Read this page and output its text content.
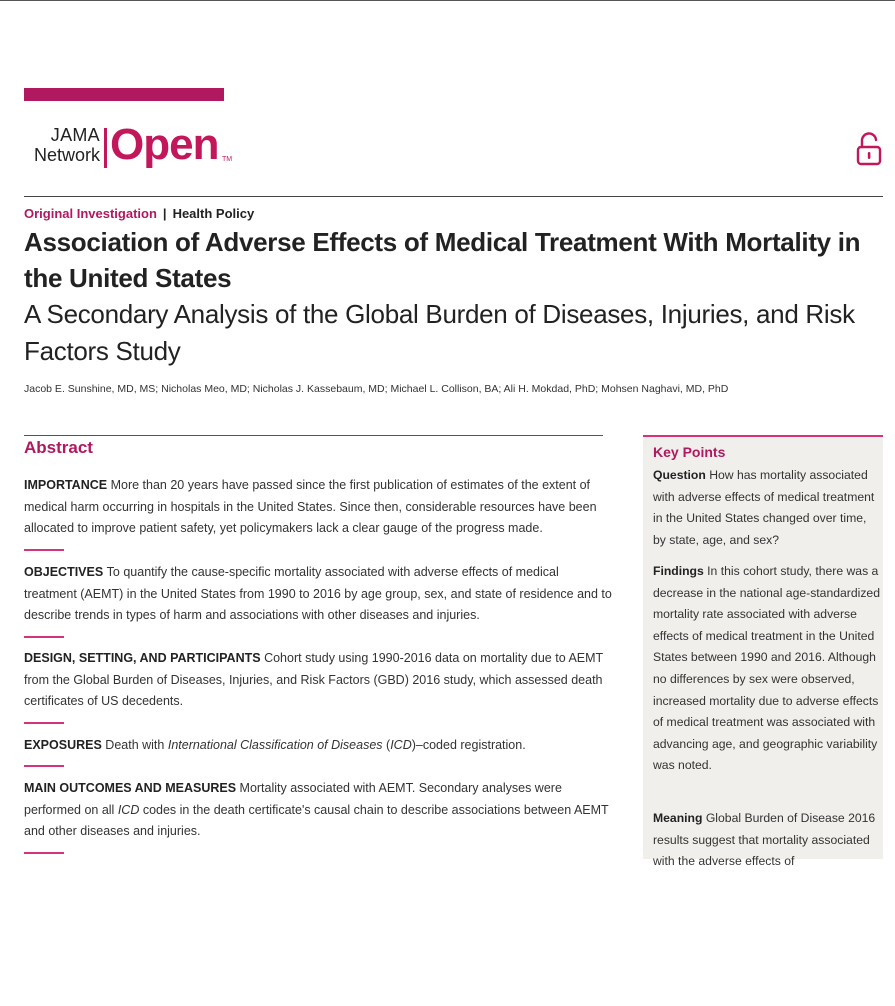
JAMA
Network Open TM
Original Investigation | Health Policy
Association of Adverse Effects of Medical Treatment With Mortality in the United States
A Secondary Analysis of the Global Burden of Diseases, Injuries, and Risk Factors Study
Jacob E. Sunshine, MD, MS; Nicholas Meo, MD; Nicholas J. Kassebaum, MD; Michael L. Collison, BA; Ali H. Mokdad, PhD; Mohsen Naghavi, MD, PhD
Abstract

IMPORTANCE More than 20 years have passed since the first publication of estimates of the extent of medical harm occurring in hospitals in the United States. Since then, considerable resources have been allocated to improve patient safety, yet policymakers lack a clear gauge of the progress made.

OBJECTIVES To quantify the cause-specific mortality associated with adverse effects of medical treatment (AEMT) in the United States from 1990 to 2016 by age group, sex, and state of residence and to describe trends in types of harm and associations with other diseases and injuries.

DESIGN, SETTING, AND PARTICIPANTS Cohort study using 1990-2016 data on mortality due to AEMT from the Global Burden of Diseases, Injuries, and Risk Factors (GBD) 2016 study, which assessed death certificates of US decedents.

EXPOSURES Death with International Classification of Diseases (ICD)–coded registration.

MAIN OUTCOMES AND MEASURES Mortality associated with AEMT. Secondary analyses were performed on all ICD codes in the death certificate's causal chain to describe associations between AEMT and other diseases and injuries.

Key Points

Question How has mortality associated with adverse effects of medical treatment in the United States changed over time, by state, age, and sex?

Findings In this cohort study, there was a decrease in the national age-standardized mortality rate associated with adverse effects of medical treatment in the United States between 1990 and 2016. Although no differences by sex were observed, increased mortality due to adverse effects of medical treatment was associated with advancing age, and geographic variability was noted.

Meaning Global Burden of Disease 2016 results suggest that mortality associated with the adverse effects of
